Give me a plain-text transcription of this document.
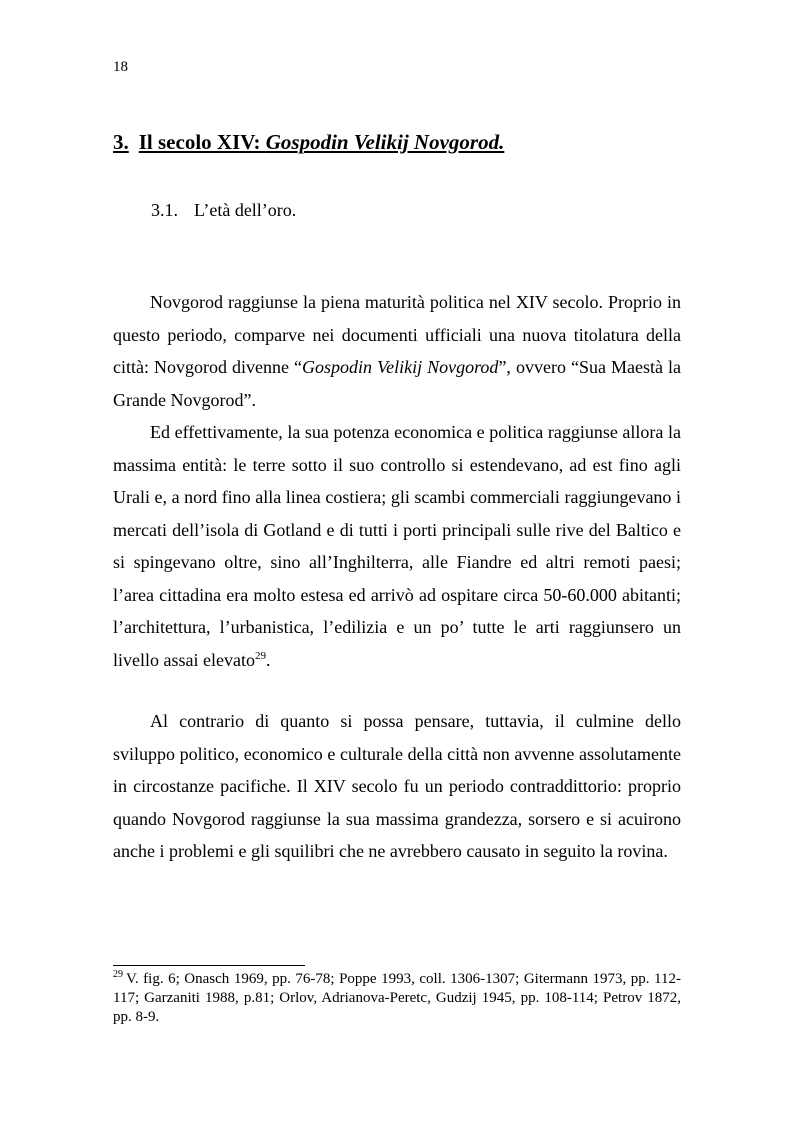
18
3. Il secolo XIV: Gospodin Velikij Novgorod.
3.1. L’età dell’oro.

Novgorod raggiunse la piena maturità politica nel XIV secolo. Proprio in questo periodo, comparve nei documenti ufficiali una nuova titolatura della città: Novgorod divenne “Gospodin Velikij Novgorod”, ovvero “Sua Maestà la Grande Novgorod”.

Ed effettivamente, la sua potenza economica e politica raggiunse allora la massima entità: le terre sotto il suo controllo si estendevano, ad est fino agli Urali e, a nord fino alla linea costiera; gli scambi commerciali raggiungevano i mercati dell’isola di Gotland e di tutti i porti principali sulle rive del Baltico e si spingevano oltre, sino all’Inghilterra, alle Fiandre ed altri remoti paesi; l’area cittadina era molto estesa ed arrivò ad ospitare circa 50-60.000 abitanti; l’architettura, l’urbanistica, l’edilizia e un po’ tutte le arti raggiunsero un livello assai elevato$^{29}$.

Al contrario di quanto si possa pensare, tuttavia, il culmine dello sviluppo politico, economico e culturale della città non avvenne assolutamente in circostanze pacifiche. Il XIV secolo fu un periodo contraddittorio: proprio quando Novgorod raggiunse la sua massima grandezza, sorsero e si acuirono anche i problemi e gli squilibri che ne avrebbero causato in seguito la rovina.

$^{29}$ V. fig. 6; Onasch 1969, pp. 76-78; Poppe 1993, coll. 1306-1307; Gitermann 1973, pp. 112-117; Garzaniti 1988, p.81; Orlov, Adrianova-Peretc, Gudzij 1945, pp. 108-114; Petrov 1872, pp. 8-9.
